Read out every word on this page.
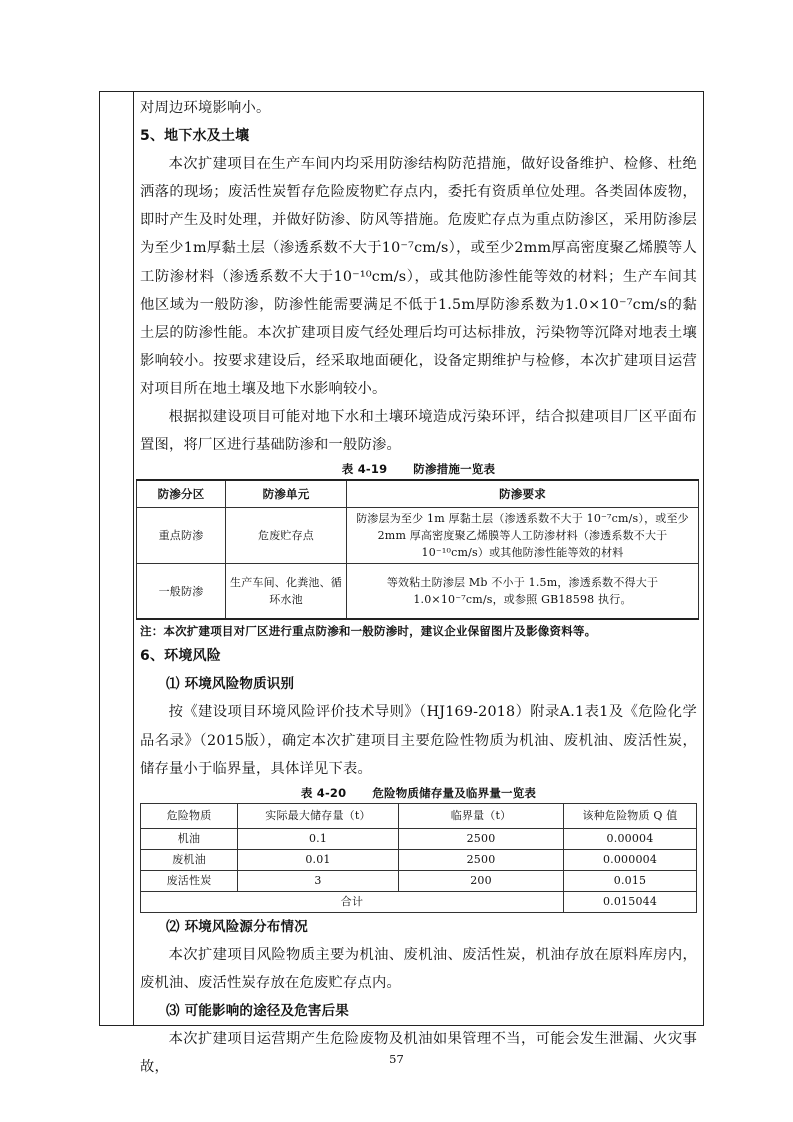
对周边环境影响小。

5、地下水及土壤

本次扩建项目在生产车间内均采用防渗结构防范措施，做好设备维护、检修、杜绝洒落的现场；废活性炭暂存危险废物贮存点内，委托有资质单位处理。各类固体废物，即时产生及时处理，并做好防渗、防风等措施。危废贮存点为重点防渗区，采用防渗层为至少1m厚黏土层（渗透系数不大于10⁻⁷cm/s），或至少2mm厚高密度聚乙烯膜等人工防渗材料（渗透系数不大于10⁻¹⁰cm/s），或其他防渗性能等效的材料；生产车间其他区域为一般防渗，防渗性能需要满足不低于1.5m厚防渗系数为1.0×10⁻⁷cm/s的黏土层的防渗性能。本次扩建项目废气经处理后均可达标排放，污染物等沉降对地表土壤影响较小。按要求建设后，经采取地面硬化，设备定期维护与检修，本次扩建项目运营对项目所在地土壤及地下水影响较小。

根据拟建设项目可能对地下水和土壤环境造成污染环评，结合拟建项目厂区平面布置图，将厂区进行基础防渗和一般防渗。

表 4-19 防渗措施一览表
防渗分区	防渗单元	防渗要求
重点防渗	危废贮存点	防渗层为至少 1m 厚黏土层（渗透系数不大于 10⁻⁷cm/s），或至少 2mm 厚高密度聚乙烯膜等人工防渗材料（渗透系数不大于 10⁻¹⁰cm/s）或其他防渗性能等效的材料
一般防渗	生产车间、化粪池、循环水池	等效粘土防渗层 Mb 不小于 1.5m，渗透系数不得大于 1.0×10⁻⁷cm/s，或参照 GB18598 执行。

注：本次扩建项目对厂区进行重点防渗和一般防渗时，建议企业保留图片及影像资料等。

6、环境风险

⑴ 环境风险物质识别

按《建设项目环境风险评价技术导则》（HJ169-2018）附录A.1表1及《危险化学品名录》（2015版），确定本次扩建项目主要危险性物质为机油、废机油、废活性炭，储存量小于临界量，具体详见下表。

表 4-20 危险物质储存量及临界量一览表
危险物质	实际最大储存量（t）	临界量（t）	该种危险物质 Q 值
机油	0.1	2500	0.00004
废机油	0.01	2500	0.000004
废活性炭	3	200	0.015
合计			0.015044

⑵ 环境风险源分布情况

本次扩建项目风险物质主要为机油、废机油、废活性炭，机油存放在原料库房内，废机油、废活性炭存放在危废贮存点内。

⑶ 可能影响的途径及危害后果

本次扩建项目运营期产生危险废物及机油如果管理不当，可能会发生泄漏、火灾事故，

57
